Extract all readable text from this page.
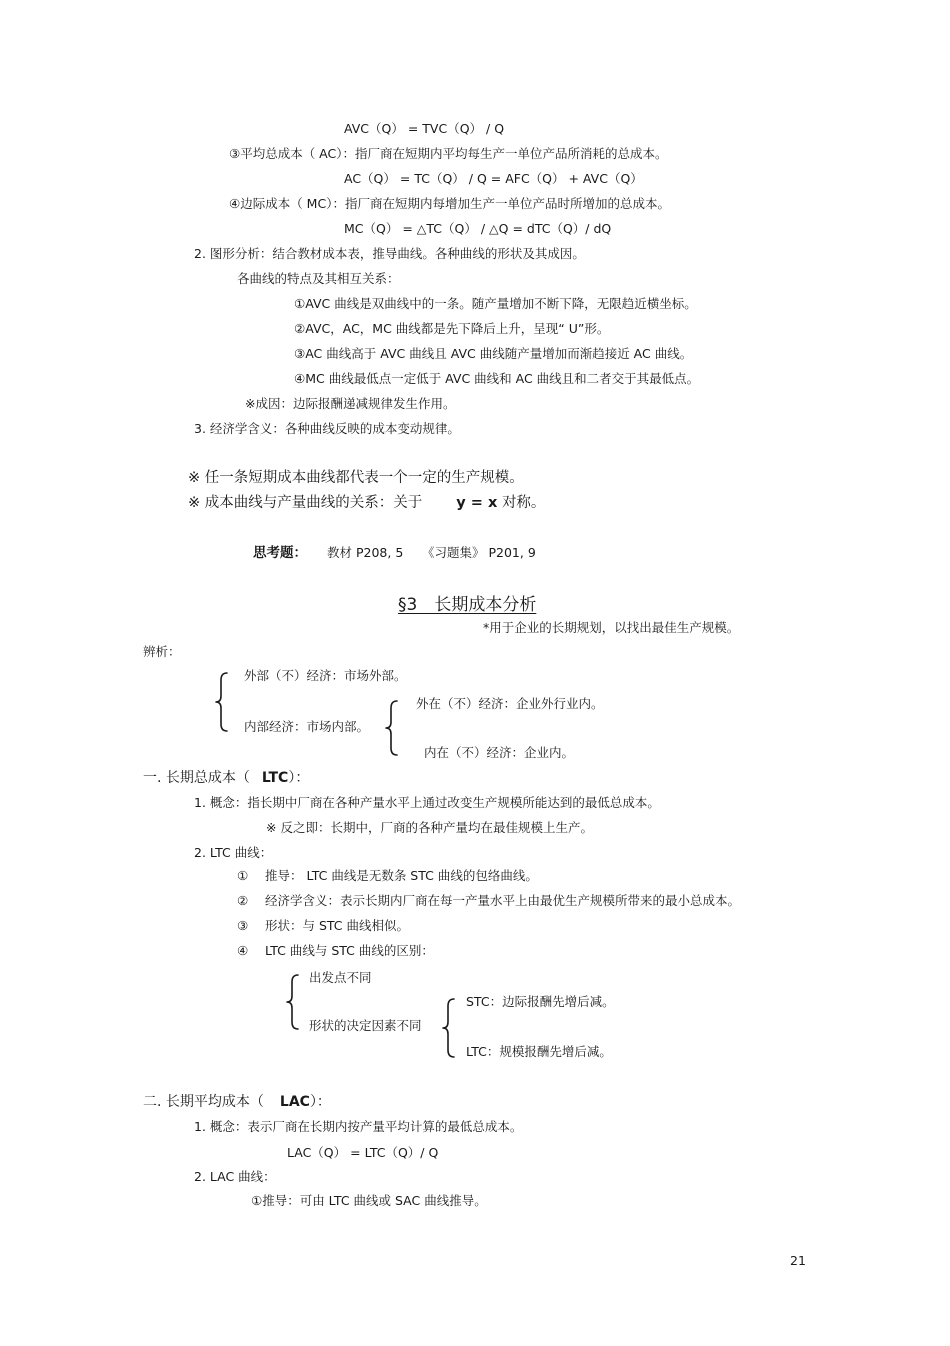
AVC（Q） = TVC（Q） / Q
③平均总成本（ AC）：指厂商在短期内平均每生产一单位产品所消耗的总成本。
AC（Q） = TC（Q） / Q = AFC（Q） + AVC（Q）
④边际成本（ MC）：指厂商在短期内每增加生产一单位产品时所增加的总成本。
MC（Q） = △TC（Q） / △Q = dTC（Q）/ dQ
2. 图形分析：结合教材成本表，推导曲线。各种曲线的形状及其成因。
各曲线的特点及其相互关系：
①AVC 曲线是双曲线中的一条。随产量增加不断下降，无限趋近横坐标。
②AVC，AC，MC 曲线都是先下降后上升，呈现“ U”形。
③AC 曲线高于 AVC 曲线且 AVC 曲线随产量增加而渐趋接近 AC 曲线。
④MC 曲线最低点一定低于 AVC 曲线和 AC 曲线且和二者交于其最低点。
※成因：边际报酬递减规律发生作用。
3. 经济学含义：各种曲线反映的成本变动规律。
※ 任一条短期成本曲线都代表一个一定的生产规模。
※ 成本曲线与产量曲线的关系：关于 y = x 对称。
思考题： 教材 P208, 5　　《习题集》 P201, 9
§3　长期成本分析
*用于企业的长期规划，以找出最佳生产规模。
辨析：
外部（不）经济：市场外部。
内部经济：市场内部。
外在（不）经济：企业外行业内。
内在（不）经济：企业内。
一. 长期总成本（ LTC）：
1. 概念：指长期中厂商在各种产量水平上通过改变生产规模所能达到的最低总成本。
※ 反之即：长期中，厂商的各种产量均在最佳规模上生产。
2. LTC 曲线：
① 推导： LTC 曲线是无数条 STC 曲线的包络曲线。
② 经济学含义：表示长期内厂商在每一产量水平上由最优生产规模所带来的最小总成本。
③ 形状：与 STC 曲线相似。
④ LTC 曲线与 STC 曲线的区别：
出发点不同
形状的决定因素不同
STC：边际报酬先增后减。
LTC：规模报酬先增后减。
二. 长期平均成本（ LAC）：
1. 概念：表示厂商在长期内按产量平均计算的最低总成本。
LAC（Q） = LTC（Q）/ Q
2. LAC 曲线：
①推导：可由 LTC 曲线或 SAC 曲线推导。
21
